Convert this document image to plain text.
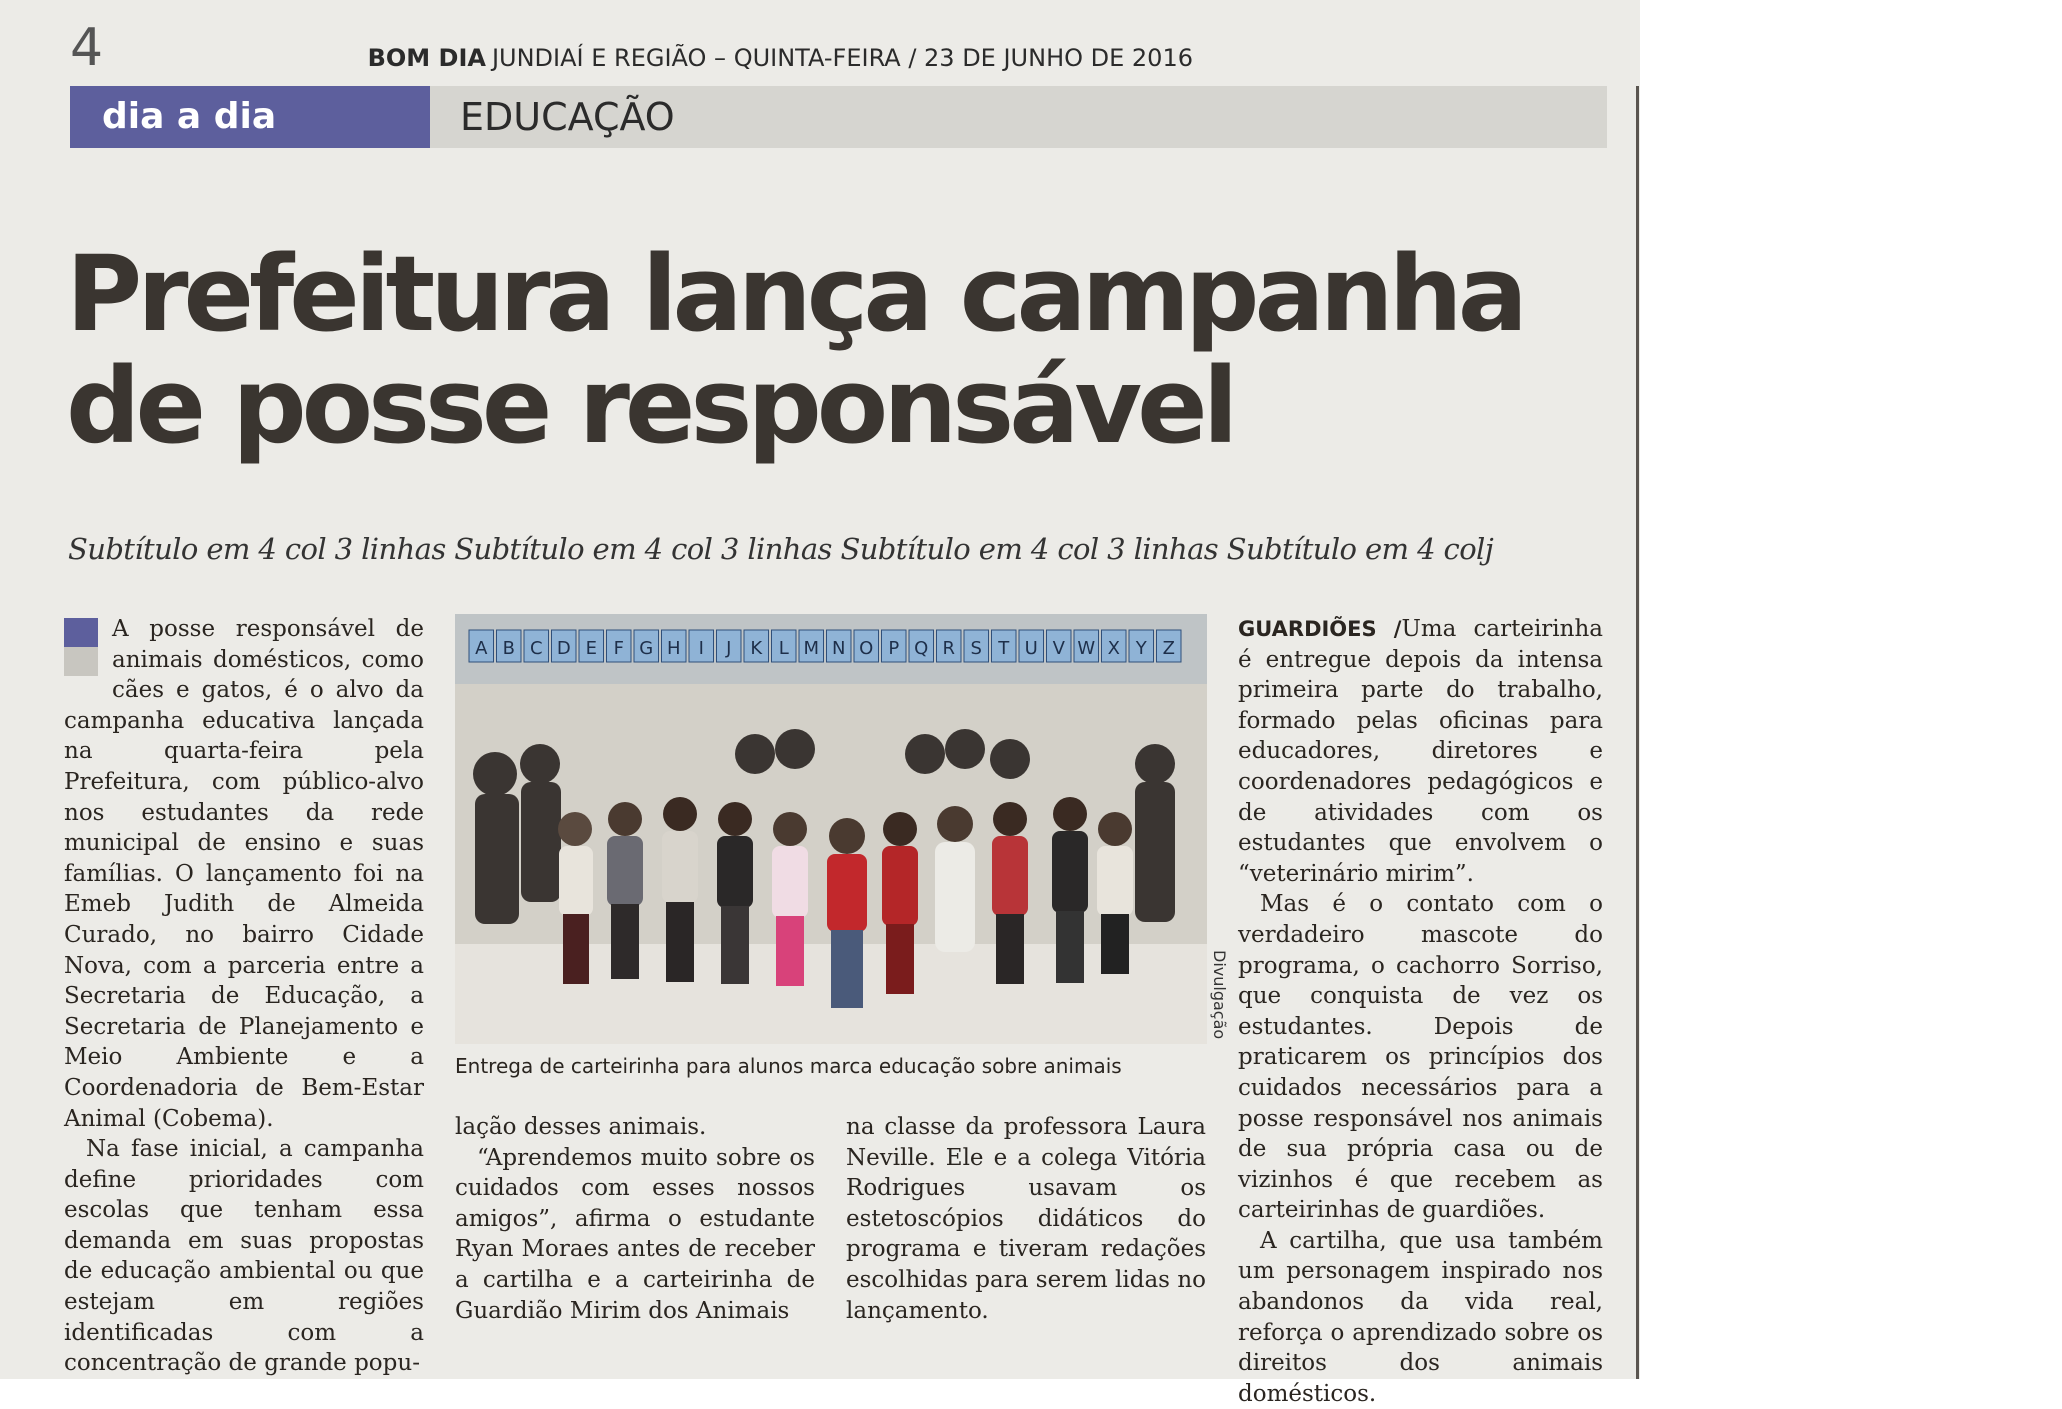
4	BOM DIA JUNDIAÍ E REGIÃO – QUINTA-FEIRA / 23 DE JUNHO DE 2016
dia a dia	EDUCAÇÃO
Prefeitura lança campanha de posse responsável
Subtítulo em 4 col 3 linhas Subtítulo em 4 col 3 linhas Subtítulo em 4 col 3 linhas Subtítulo em 4 colj

A posse responsável de animais domésticos, como cães e gatos, é o alvo da campanha educativa lançada na quarta-feira pela Prefeitura, com público-alvo nos estudantes da rede municipal de ensino e suas famílias. O lançamento foi na Emeb Judith de Almeida Curado, no bairro Cidade Nova, com a parceria entre a Secretaria de Educação, a Secretaria de Planejamento e Meio Ambiente e a Coordenadoria de Bem-Estar Animal (Cobema).

Na fase inicial, a campanha define prioridades com escolas que tenham essa demanda em suas propostas de educação ambiental ou que estejam em regiões identificadas com a concentração de grande popu-

A B C D E F G H I J K L M N O P Q R S T U V W X Y Z
Divulgação
Entrega de carteirinha para alunos marca educação sobre animais

lação desses animais.

“Aprendemos muito sobre os cuidados com esses nossos amigos”, afirma o estudante Ryan Moraes antes de receber a cartilha e a carteirinha de Guardião Mirim dos Animais

na classe da professora Laura Neville. Ele e a colega Vitória Rodrigues usavam os estetoscópios didáticos do programa e tiveram redações escolhidas para serem lidas no lançamento.

GUARDIÕES /Uma carteirinha é entregue depois da intensa primeira parte do trabalho, formado pelas oficinas para educadores, diretores e coordenadores pedagógicos e de atividades com os estudantes que envolvem o “veterinário mirim”.

Mas é o contato com o verdadeiro mascote do programa, o cachorro Sorriso, que conquista de vez os estudantes. Depois de praticarem os princípios dos cuidados necessários para a posse responsável nos animais de sua própria casa ou de vizinhos é que recebem as carteirinhas de guardiões.

A cartilha, que usa também um personagem inspirado nos abandonos da vida real, reforça o aprendizado sobre os direitos dos animais domésticos.
